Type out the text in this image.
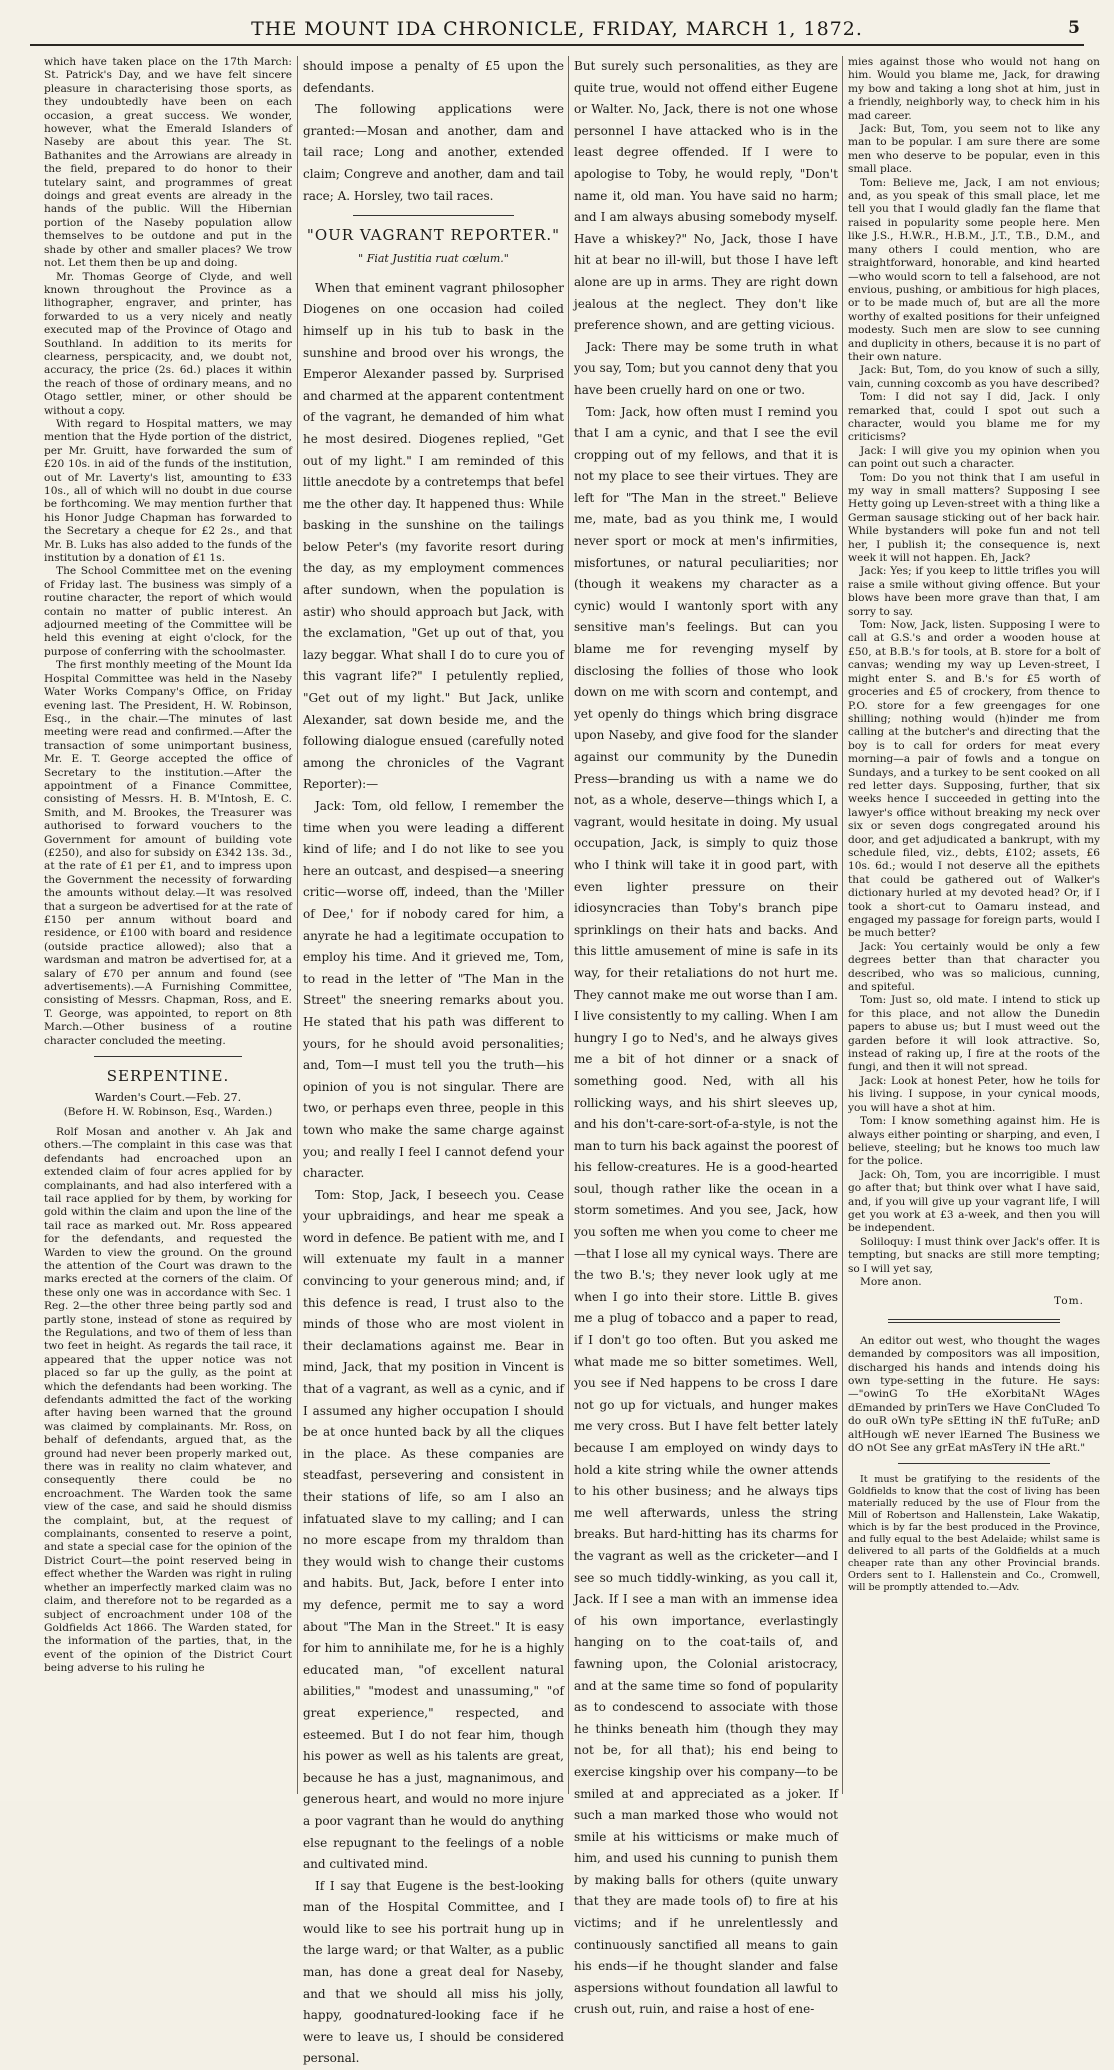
THE MOUNT IDA CHRONICLE, FRIDAY, MARCH 1, 1872.	5

which have taken place on the 17th March: St. Patrick's Day, and we have felt sincere pleasure in characterising those sports, as they undoubtedly have been on each occasion, a great success. We wonder, however, what the Emerald Islanders of Naseby are about this year. The St. Bathanites and the Arrowians are already in the field, prepared to do honor to their tutelary saint, and programmes of great doings and great events are already in the hands of the public. Will the Hibernian portion of the Naseby population allow themselves to be outdone and put in the shade by other and smaller places? We trow not. Let them then be up and doing.

Mr. Thomas George of Clyde, and well known throughout the Province as a lithographer, engraver, and printer, has forwarded to us a very nicely and neatly executed map of the Province of Otago and Southland. In addition to its merits for clearness, perspicacity, and, we doubt not, accuracy, the price (2s. 6d.) places it within the reach of those of ordinary means, and no Otago settler, miner, or other should be without a copy.

With regard to Hospital matters, we may mention that the Hyde portion of the district, per Mr. Gruitt, have forwarded the sum of £20 10s. in aid of the funds of the institution, out of Mr. Laverty's list, amounting to £33 10s., all of which will no doubt in due course be forthcoming. We may mention further that his Honor Judge Chapman has forwarded to the Secretary a cheque for £2 2s., and that Mr. B. Luks has also added to the funds of the institution by a donation of £1 1s.

The School Committee met on the evening of Friday last. The business was simply of a routine character, the report of which would contain no matter of public interest. An adjourned meeting of the Committee will be held this evening at eight o'clock, for the purpose of conferring with the schoolmaster.

The first monthly meeting of the Mount Ida Hospital Committee was held in the Naseby Water Works Company's Office, on Friday evening last. The President, H. W. Robinson, Esq., in the chair.—The minutes of last meeting were read and confirmed.—After the transaction of some unimportant business, Mr. E. T. George accepted the office of Secretary to the institution.—After the appointment of a Finance Committee, consisting of Messrs. H. B. M'Intosh, E. C. Smith, and M. Brookes, the Treasurer was authorised to forward vouchers to the Government for amount of building vote (£250), and also for subsidy on £342 13s. 3d., at the rate of £1 per £1, and to impress upon the Government the necessity of forwarding the amounts without delay.—It was resolved that a surgeon be advertised for at the rate of £150 per annum without board and residence, or £100 with board and residence (outside practice allowed); also that a wardsman and matron be advertised for, at a salary of £70 per annum and found (see advertisements).—A Furnishing Committee, consisting of Messrs. Chapman, Ross, and E. T. George, was appointed, to report on 8th March.—Other business of a routine character concluded the meeting.

SERPENTINE.

Warden's Court.—Feb. 27.

(Before H. W. Robinson, Esq., Warden.)

Rolf Mosan and another v. Ah Jak and others.—The complaint in this case was that defendants had encroached upon an extended claim of four acres applied for by complainants, and had also interfered with a tail race applied for by them, by working for gold within the claim and upon the line of the tail race as marked out. Mr. Ross appeared for the defendants, and requested the Warden to view the ground. On the ground the attention of the Court was drawn to the marks erected at the corners of the claim. Of these only one was in accordance with Sec. 1 Reg. 2—the other three being partly sod and partly stone, instead of stone as required by the Regulations, and two of them of less than two feet in height. As regards the tail race, it appeared that the upper notice was not placed so far up the gully, as the point at which the defendants had been working. The defendants admitted the fact of the working after having been warned that the ground was claimed by complainants. Mr. Ross, on behalf of defendants, argued that, as the ground had never been properly marked out, there was in reality no claim whatever, and consequently there could be no encroachment. The Warden took the same view of the case, and said he should dismiss the complaint, but, at the request of complainants, consented to reserve a point, and state a special case for the opinion of the District Court—the point reserved being in effect whether the Warden was right in ruling whether an imperfectly marked claim was no claim, and therefore not to be regarded as a subject of encroachment under 108 of the Goldfields Act 1866. The Warden stated, for the information of the parties, that, in the event of the opinion of the District Court being adverse to his ruling he

should impose a penalty of £5 upon the defendants.

The following applications were granted:—Mosan and another, dam and tail race; Long and another, extended claim; Congreve and another, dam and tail race; A. Horsley, two tail races.

"OUR VAGRANT REPORTER."

" Fiat Justitia ruat cœlum."

When that eminent vagrant philosopher Diogenes on one occasion had coiled himself up in his tub to bask in the sunshine and brood over his wrongs, the Emperor Alexander passed by. Surprised and charmed at the apparent contentment of the vagrant, he demanded of him what he most desired. Diogenes replied, "Get out of my light." I am reminded of this little anecdote by a contretemps that befel me the other day. It happened thus: While basking in the sunshine on the tailings below Peter's (my favorite resort during the day, as my employment commences after sundown, when the population is astir) who should approach but Jack, with the exclamation, "Get up out of that, you lazy beggar. What shall I do to cure you of this vagrant life?" I petulently replied, "Get out of my light." But Jack, unlike Alexander, sat down beside me, and the following dialogue ensued (carefully noted among the chronicles of the Vagrant Reporter):—

Jack: Tom, old fellow, I remember the time when you were leading a different kind of life; and I do not like to see you here an outcast, and despised—a sneering critic—worse off, indeed, than the 'Miller of Dee,' for if nobody cared for him, a anyrate he had a legitimate occupation to employ his time. And it grieved me, Tom, to read in the letter of "The Man in the Street" the sneering remarks about you. He stated that his path was different to yours, for he should avoid personalities; and, Tom—I must tell you the truth—his opinion of you is not singular. There are two, or perhaps even three, people in this town who make the same charge against you; and really I feel I cannot defend your character.

Tom: Stop, Jack, I beseech you. Cease your upbraidings, and hear me speak a word in defence. Be patient with me, and I will extenuate my fault in a manner convincing to your generous mind; and, if this defence is read, I trust also to the minds of those who are most violent in their declamations against me. Bear in mind, Jack, that my position in Vincent is that of a vagrant, as well as a cynic, and if I assumed any higher occupation I should be at once hunted back by all the cliques in the place. As these companies are steadfast, persevering and consistent in their stations of life, so am I also an infatuated slave to my calling; and I can no more escape from my thraldom than they would wish to change their customs and habits. But, Jack, before I enter into my defence, permit me to say a word about "The Man in the Street." It is easy for him to annihilate me, for he is a highly educated man, "of excellent natural abilities," "modest and unassuming," "of great experience," respected, and esteemed. But I do not fear him, though his power as well as his talents are great, because he has a just, magnanimous, and generous heart, and would no more injure a poor vagrant than he would do anything else repugnant to the feelings of a noble and cultivated mind.

If I say that Eugene is the best-looking man of the Hospital Committee, and I would like to see his portrait hung up in the large ward; or that Walter, as a public man, has done a great deal for Naseby, and that we should all miss his jolly, happy, goodnatured-looking face if he were to leave us, I should be considered personal.

But surely such personalities, as they are quite true, would not offend either Eugene or Walter. No, Jack, there is not one whose personnel I have attacked who is in the least degree offended. If I were to apologise to Toby, he would reply, "Don't name it, old man. You have said no harm; and I am always abusing somebody myself. Have a whiskey?" No, Jack, those I have hit at bear no ill-will, but those I have left alone are up in arms. They are right down jealous at the neglect. They don't like preference shown, and are getting vicious.

Jack: There may be some truth in what you say, Tom; but you cannot deny that you have been cruelly hard on one or two.

Tom: Jack, how often must I remind you that I am a cynic, and that I see the evil cropping out of my fellows, and that it is not my place to see their virtues. They are left for "The Man in the street." Believe me, mate, bad as you think me, I would never sport or mock at men's infirmities, misfortunes, or natural peculiarities; nor (though it weakens my character as a cynic) would I wantonly sport with any sensitive man's feelings. But can you blame me for revenging myself by disclosing the follies of those who look down on me with scorn and contempt, and yet openly do things which bring disgrace upon Naseby, and give food for the slander against our community by the Dunedin Press—branding us with a name we do not, as a whole, deserve—things which I, a vagrant, would hesitate in doing. My usual occupation, Jack, is simply to quiz those who I think will take it in good part, with even lighter pressure on their idiosyncracies than Toby's branch pipe sprinklings on their hats and backs. And this little amusement of mine is safe in its way, for their retaliations do not hurt me. They cannot make me out worse than I am. I live consistently to my calling. When I am hungry I go to Ned's, and he always gives me a bit of hot dinner or a snack of something good. Ned, with all his rollicking ways, and his shirt sleeves up, and his don't-care-sort-of-a-style, is not the man to turn his back against the poorest of his fellow-creatures. He is a good-hearted soul, though rather like the ocean in a storm sometimes. And you see, Jack, how you soften me when you come to cheer me—that I lose all my cynical ways. There are the two B.'s; they never look ugly at me when I go into their store. Little B. gives me a plug of tobacco and a paper to read, if I don't go too often. But you asked me what made me so bitter sometimes. Well, you see if Ned happens to be cross I dare not go up for victuals, and hunger makes me very cross. But I have felt better lately because I am employed on windy days to hold a kite string while the owner attends to his other business; and he always tips me well afterwards, unless the string breaks. But hard-hitting has its charms for the vagrant as well as the cricketer—and I see so much tiddly-winking, as you call it, Jack. If I see a man with an immense idea of his own importance, everlastingly hanging on to the coat-tails of, and fawning upon, the Colonial aristocracy, and at the same time so fond of popularity as to condescend to associate with those he thinks beneath him (though they may not be, for all that); his end being to exercise kingship over his company—to be smiled at and appreciated as a joker. If such a man marked those who would not smile at his witticisms or make much of him, and used his cunning to punish them by making balls for others (quite unwary that they are made tools of) to fire at his victims; and if he unrelentlessly and continuously sanctified all means to gain his ends—if he thought slander and false aspersions without foundation all lawful to crush out, ruin, and raise a host of ene-

mies against those who would not hang on him. Would you blame me, Jack, for drawing my bow and taking a long shot at him, just in a friendly, neighborly way, to check him in his mad career.

Jack: But, Tom, you seem not to like any man to be popular. I am sure there are some men who deserve to be popular, even in this small place.

Tom: Believe me, Jack, I am not envious; and, as you speak of this small place, let me tell you that I would gladly fan the flame that raised in popularity some people here. Men like J.S., H.W.R., H.B.M., J.T., T.B., D.M., and many others I could mention, who are straightforward, honorable, and kind hearted—who would scorn to tell a falsehood, are not envious, pushing, or ambitious for high places, or to be made much of, but are all the more worthy of exalted positions for their unfeigned modesty. Such men are slow to see cunning and duplicity in others, because it is no part of their own nature.

Jack: But, Tom, do you know of such a silly, vain, cunning coxcomb as you have described?

Tom: I did not say I did, Jack. I only remarked that, could I spot out such a character, would you blame me for my criticisms?

Jack: I will give you my opinion when you can point out such a character.

Tom: Do you not think that I am useful in my way in small matters? Supposing I see Hetty going up Leven-street with a thing like a German sausage sticking out of her back hair. While bystanders will poke fun and not tell her, I publish it; the consequence is, next week it will not happen. Eh, Jack?

Jack: Yes; if you keep to little trifles you will raise a smile without giving offence. But your blows have been more grave than that, I am sorry to say.

Tom: Now, Jack, listen. Supposing I were to call at G.S.'s and order a wooden house at £50, at B.B.'s for tools, at B. store for a bolt of canvas; wending my way up Leven-street, I might enter S. and B.'s for £5 worth of groceries and £5 of crockery, from thence to P.O. store for a few greengages for one shilling; nothing would (h)inder me from calling at the butcher's and directing that the boy is to call for orders for meat every morning—a pair of fowls and a tongue on Sundays, and a turkey to be sent cooked on all red letter days. Supposing, further, that six weeks hence I succeeded in getting into the lawyer's office without breaking my neck over six or seven dogs congregated around his door, and get adjudicated a bankrupt, with my schedule filed, viz., debts, £102; assets, £6 10s. 6d.; would I not deserve all the epithets that could be gathered out of Walker's dictionary hurled at my devoted head? Or, if I took a short-cut to Oamaru instead, and engaged my passage for foreign parts, would I be much better?

Jack: You certainly would be only a few degrees better than that character you described, who was so malicious, cunning, and spiteful.

Tom: Just so, old mate. I intend to stick up for this place, and not allow the Dunedin papers to abuse us; but I must weed out the garden before it will look attractive. So, instead of raking up, I fire at the roots of the fungi, and then it will not spread.

Jack: Look at honest Peter, how he toils for his living. I suppose, in your cynical moods, you will have a shot at him.

Tom: I know something against him. He is always either pointing or sharping, and even, I believe, steeling; but he knows too much law for the police.

Jack: Oh, Tom, you are incorrigible. I must go after that; but think over what I have said, and, if you will give up your vagrant life, I will get you work at £3 a-week, and then you will be independent.

Soliloquy: I must think over Jack's offer. It is tempting, but snacks are still more tempting; so I will yet say,

More anon.

Tom.

An editor out west, who thought the wages demanded by compositors was all imposition, discharged his hands and intends doing his own type-setting in the future. He says:—"owinG To tHe eXorbitaNt WAges dEmanded by prinTers we Have ConCluded To do ouR oWn tyPe sEtting iN thE fuTuRe; anD altHough wE never lEarned The Business we dO nOt See any grEat mAsTery iN tHe aRt."

It must be gratifying to the residents of the Goldfields to know that the cost of living has been materially reduced by the use of Flour from the Mill of Robertson and Hallenstein, Lake Wakatip, which is by far the best produced in the Province, and fully equal to the best Adelaide; whilst same is delivered to all parts of the Goldfields at a much cheaper rate than any other Provincial brands. Orders sent to I. Hallenstein and Co., Cromwell, will be promptly attended to.—Adv.
